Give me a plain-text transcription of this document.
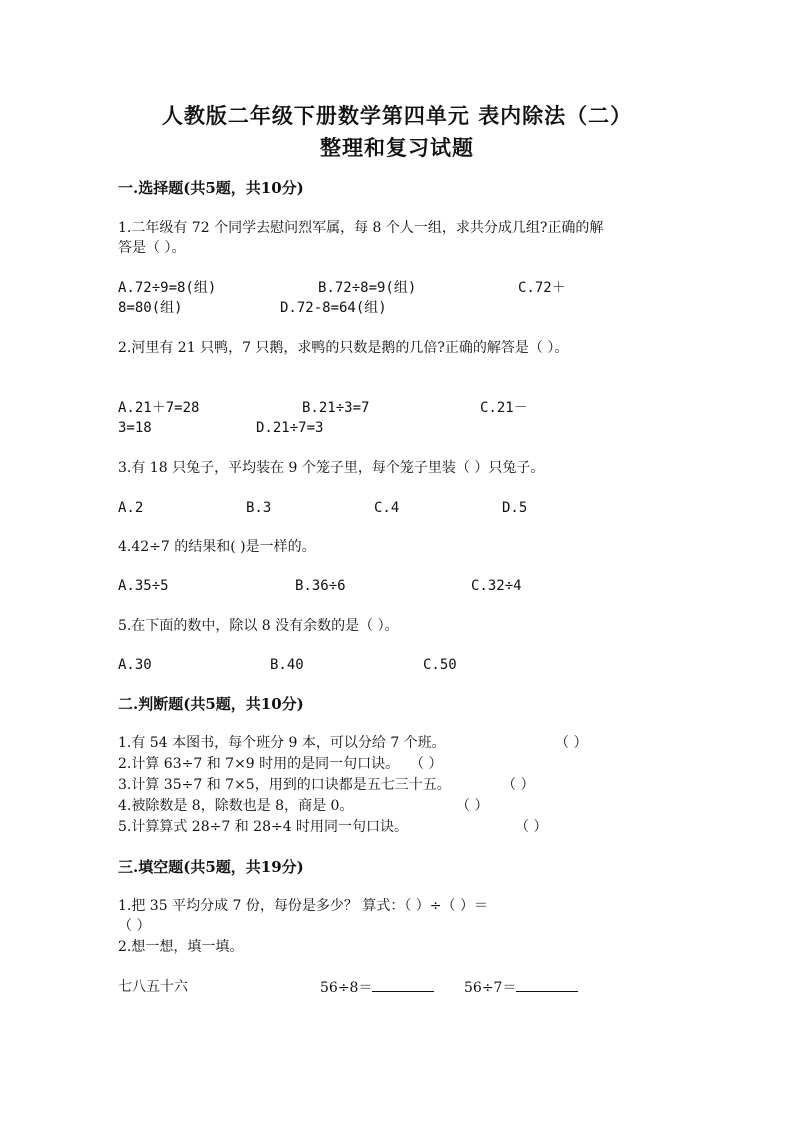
人教版二年级下册数学第四单元 表内除法（二）
整理和复习试题
一.选择题(共5题，共10分)
1.二年级有 72 个同学去慰问烈军属，每 8 个人一组，求共分成几组?正确的解
答是（ ）。
A.72÷9=8(组)	B.72÷8=9(组)	C.72＋
8=80(组)	D.72-8=64(组)
2.河里有 21 只鸭，7 只鹅，求鸭的只数是鹅的几倍?正确的解答是（ ）。
A.21＋7=28	B.21÷3=7	C.21－
3=18	D.21÷7=3
3.有 18 只兔子，平均装在 9 个笼子里，每个笼子里装（ ）只兔子。
A.2	B.3	C.4	D.5
4.42÷7 的结果和( )是一样的。
A.35÷5	B.36÷6	C.32÷4
5.在下面的数中，除以 8 没有余数的是（ ）。
A.30	B.40	C.50
二.判断题(共5题，共10分)
1.有 54 本图书，每个班分 9 本，可以分给 7 个班。	（ ）
2.计算 63÷7 和 7×9 时用的是同一句口诀。 （ ）
3.计算 35÷7 和 7×5，用到的口诀都是五七三十五。	（ ）
4.被除数是 8，除数也是 8，商是 0。	（ ）
5.计算算式 28÷7 和 28÷4 时用同一句口诀。	（ ）
三.填空题(共5题，共19分)
1.把 35 平均分成 7 份，每份是多少？ 算式：（ ）÷（ ）＝
（ ）
2.想一想，填一填。
七八五十六	56÷8＝	56÷7＝
